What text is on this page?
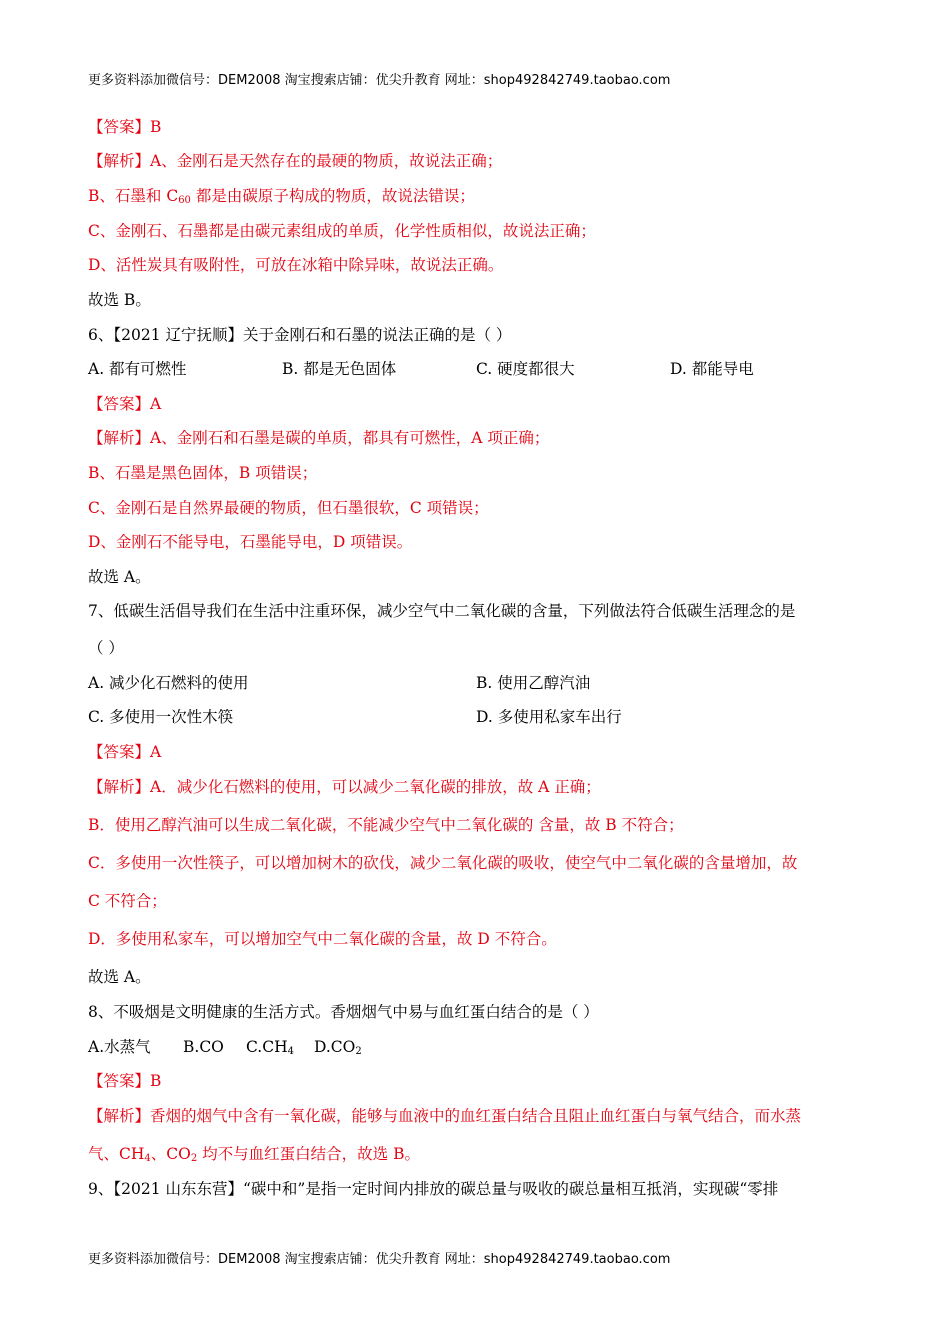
更多资料添加微信号：DEM2008 淘宝搜索店铺：优尖升教育 网址：shop492842749.taobao.com
【答案】B
【解析】A、金刚石是天然存在的最硬的物质，故说法正确；
B、石墨和 $C_{60}$ 都是由碳原子构成的物质，故说法错误；
C、金刚石、石墨都是由碳元素组成的单质，化学性质相似，故说法正确；
D、活性炭具有吸附性，可放在冰箱中除异味，故说法正确。
故选 B。
6、【2021 辽宁抚顺】关于金刚石和石墨的说法正确的是（ ）
A. 都有可燃性	B. 都是无色固体	C. 硬度都很大	D. 都能导电
【答案】A
【解析】A、金刚石和石墨是碳的单质，都具有可燃性，A 项正确；
B、石墨是黑色固体，B 项错误；
C、金刚石是自然界最硬的物质，但石墨很软，C 项错误；
D、金刚石不能导电，石墨能导电，D 项错误。
故选 A。
7、低碳生活倡导我们在生活中注重环保，减少空气中二氧化碳的含量，下列做法符合低碳生活理念的是
（ ）
A. 减少化石燃料的使用	B. 使用乙醇汽油
C. 多使用一次性木筷	D. 多使用私家车出行
【答案】A
【解析】A．减少化石燃料的使用，可以减少二氧化碳的排放，故 A 正确；
B．使用乙醇汽油可以生成二氧化碳，不能减少空气中二氧化碳的 含量，故 B 不符合；
C．多使用一次性筷子，可以增加树木的砍伐，减少二氧化碳的吸收，使空气中二氧化碳的含量增加，故
C 不符合；
D．多使用私家车，可以增加空气中二氧化碳的含量，故 D 不符合。
故选 A。
8、不吸烟是文明健康的生活方式。香烟烟气中易与血红蛋白结合的是（ ）
A.水蒸气 B.CO $C.CH_4$ $D.CO_2$
【答案】B
【解析】香烟的烟气中含有一氧化碳，能够与血液中的血红蛋白结合且阻止血红蛋白与氧气结合，而水蒸
气、$CH_4$、$CO_2$ 均不与血红蛋白结合，故选 B。
9、【2021 山东东营】“碳中和”是指一定时间内排放的碳总量与吸收的碳总量相互抵消，实现碳“零排
更多资料添加微信号：DEM2008 淘宝搜索店铺：优尖升教育 网址：shop492842749.taobao.com
